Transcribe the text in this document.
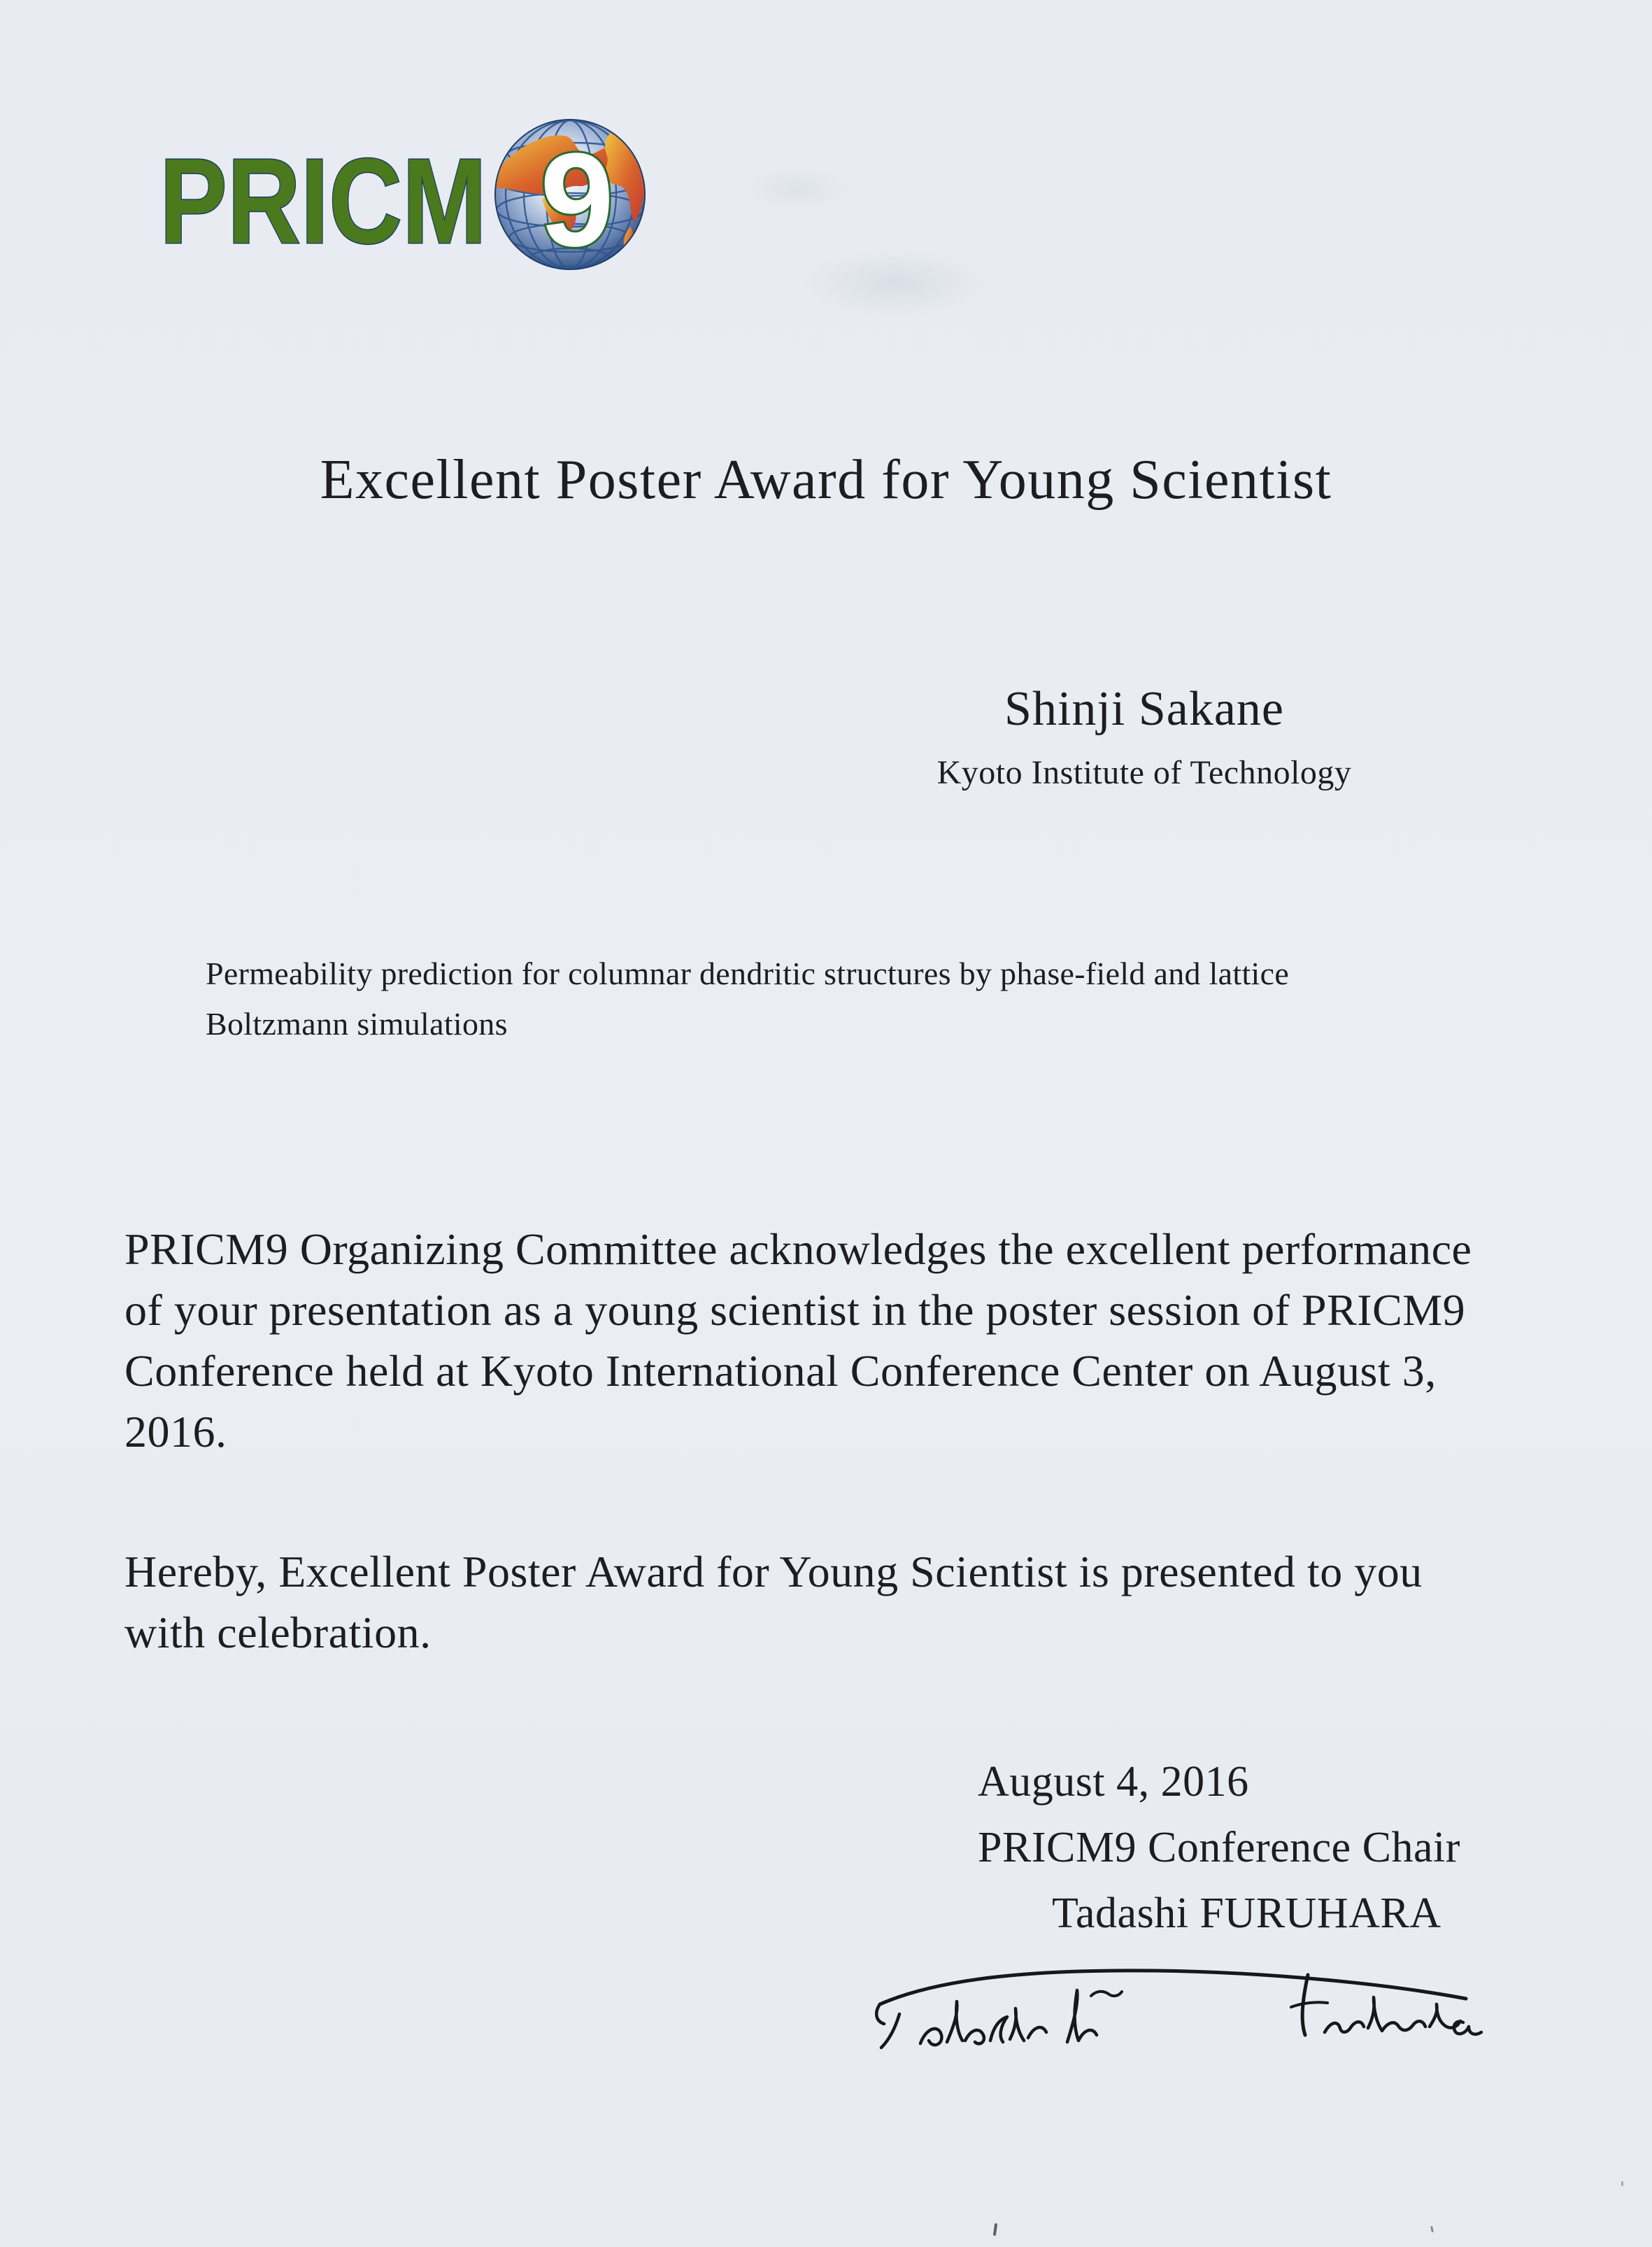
PRICM 9
Excellent Poster Award for Young Scientist
Shinji Sakane
Kyoto Institute of Technology
Permeability prediction for columnar dendritic structures by phase-field and lattice
Boltzmann simulations
PRICM9 Organizing Committee acknowledges the excellent performance
of your presentation as a young scientist in the poster session of PRICM9
Conference held at Kyoto International Conference Center on August 3,
2016.
Hereby, Excellent Poster Award for Young Scientist is presented to you
with celebration.
August 4, 2016
PRICM9 Conference Chair
Tadashi FURUHARA
